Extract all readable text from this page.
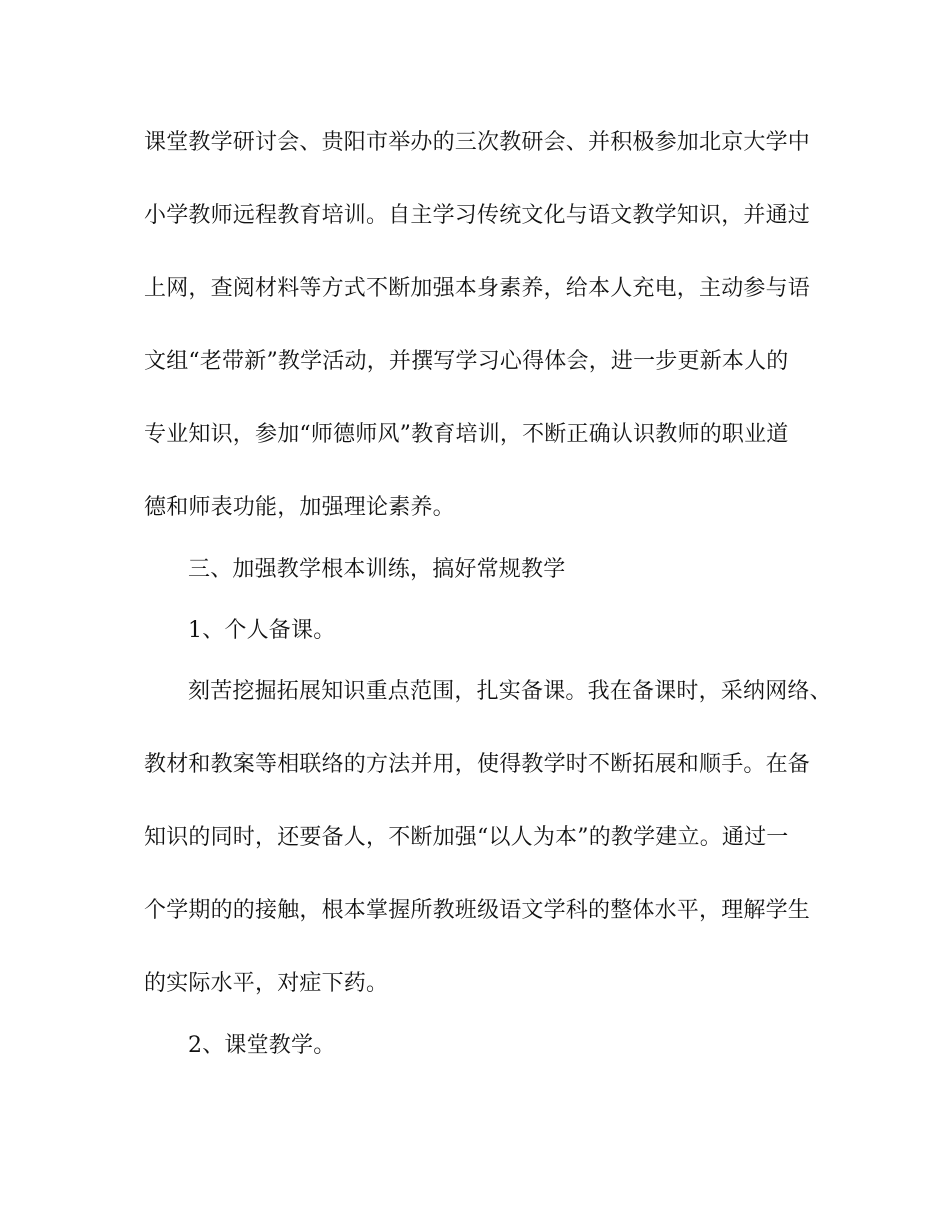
课堂教学研讨会、贵阳市举办的三次教研会、并积极参加北京大学中
小学教师远程教育培训。自主学习传统文化与语文教学知识，并通过
上网，查阅材料等方式不断加强本身素养，给本人充电，主动参与语
文组“老带新”教学活动，并撰写学习心得体会，进一步更新本人的
专业知识，参加“师德师风”教育培训，不断正确认识教师的职业道
德和师表功能，加强理论素养。
三、加强教学根本训练，搞好常规教学
1、个人备课。
刻苦挖掘拓展知识重点范围，扎实备课。我在备课时，采纳网络、
教材和教案等相联络的方法并用，使得教学时不断拓展和顺手。在备
知识的同时，还要备人，不断加强“以人为本”的教学建立。通过一
个学期的的接触，根本掌握所教班级语文学科的整体水平，理解学生
的实际水平，对症下药。
2、课堂教学。
